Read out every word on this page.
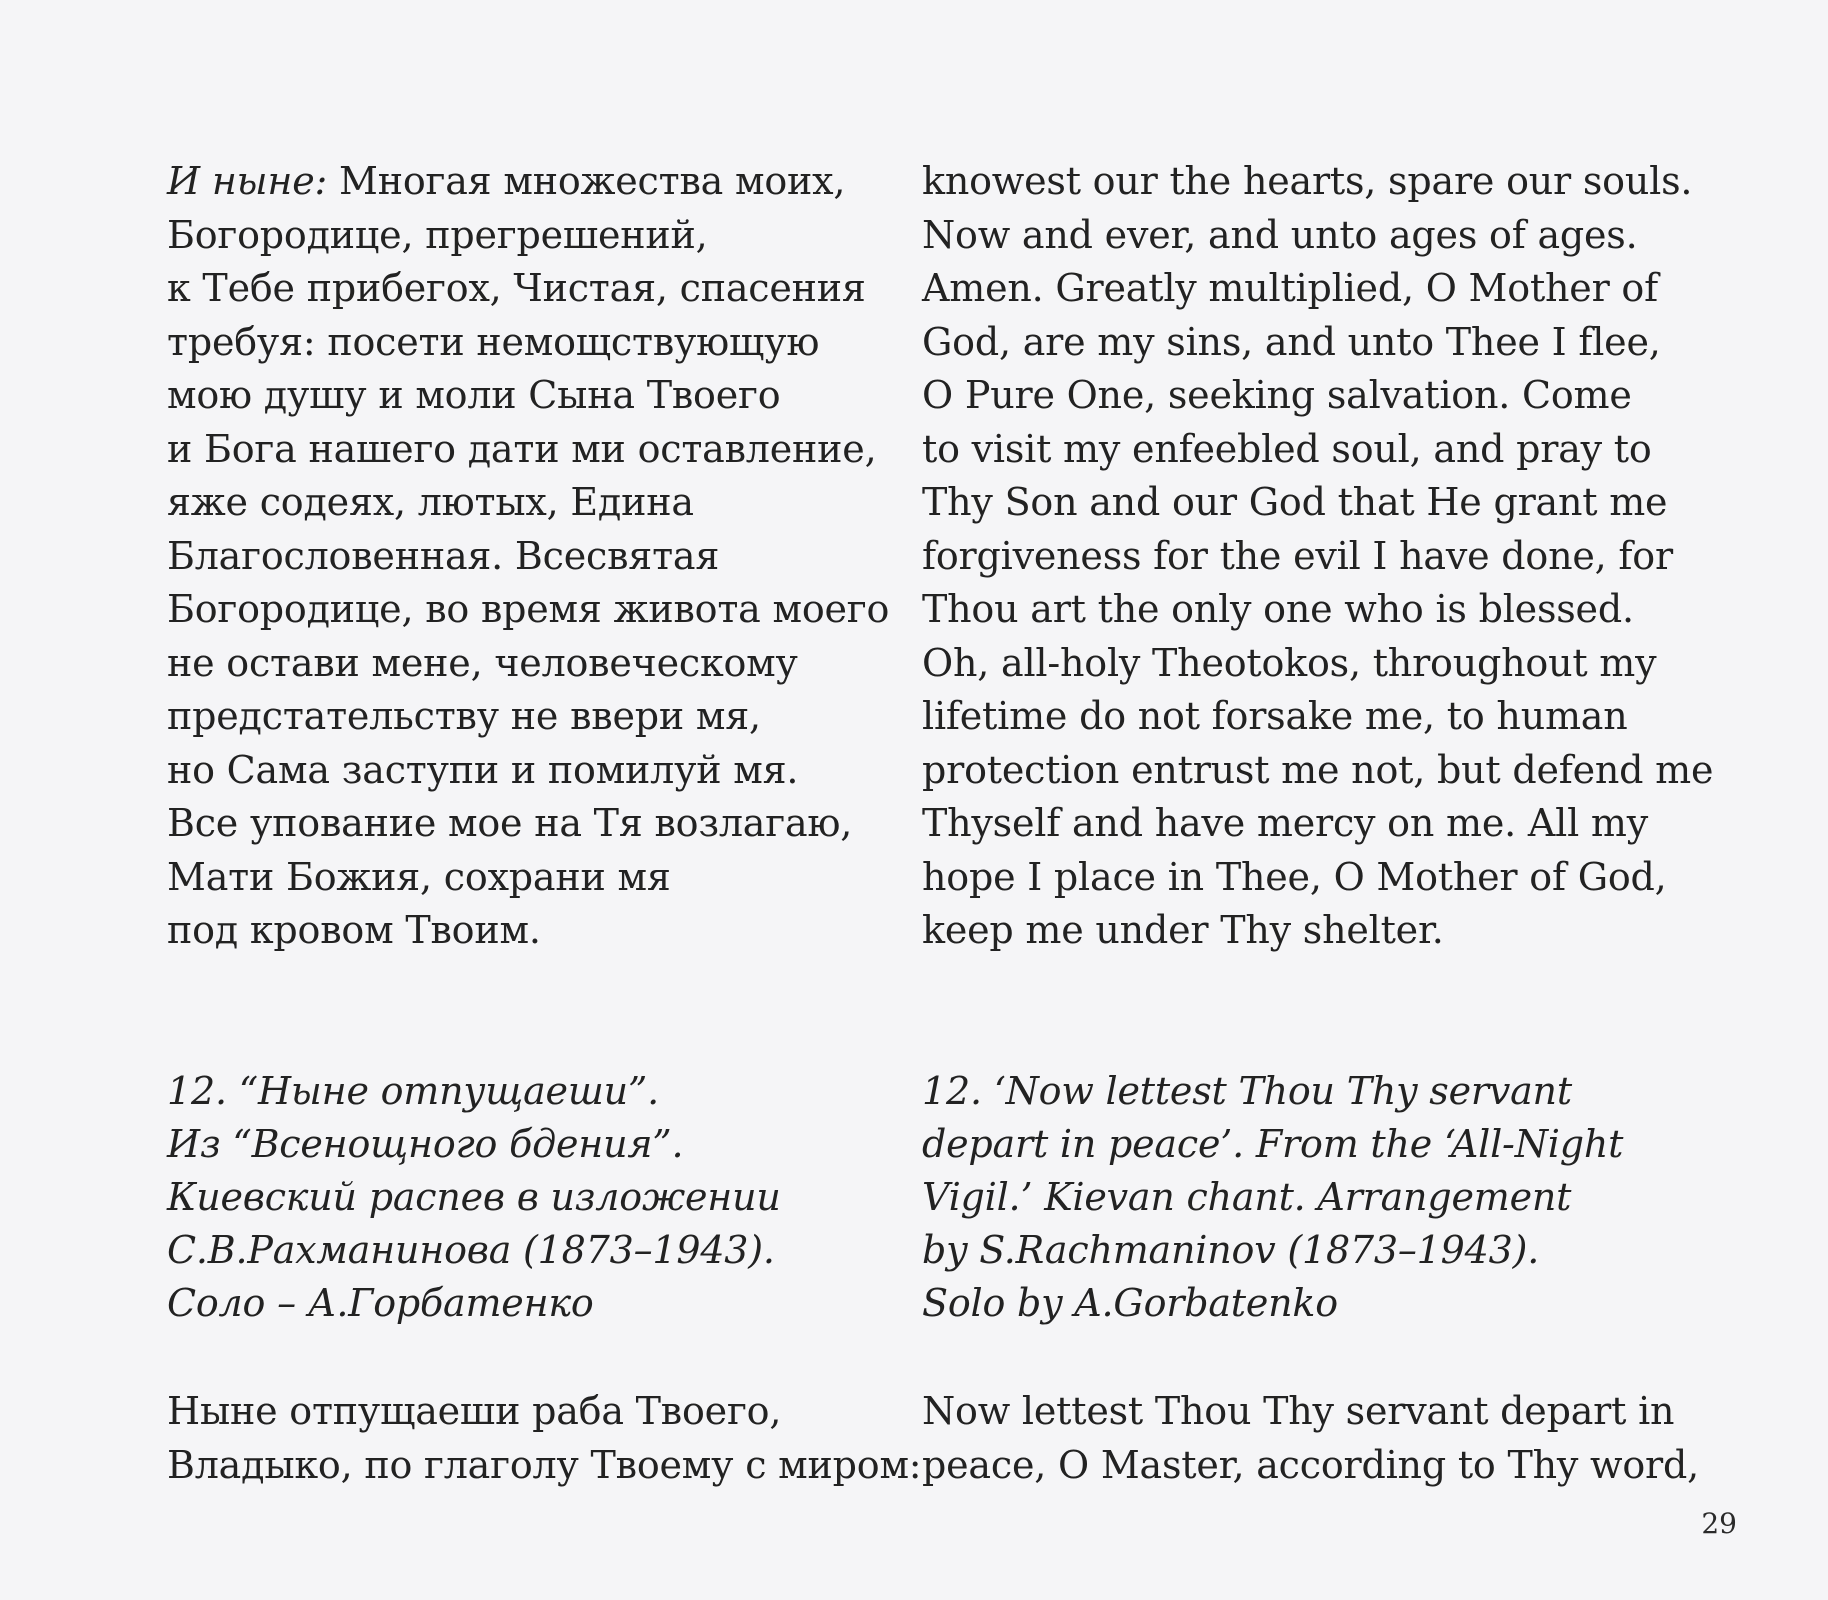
И ныне: Многая множества моих,
Богородице, прегрешений,
к Тебе прибегох, Чистая, спасения
требуя: посети немощствующую
мою душу и моли Сына Твоего
и Бога нашего дати ми оставление,
яже содеях, лютых, Едина
Благословенная. Всесвятая
Богородице, во время живота моего
не остави мене, человеческому
предстательству не ввери мя,
но Сама заступи и помилуй мя.
Все упование мое на Тя возлагаю,
Мати Божия, сохрани мя
под кровом Твоим.
12. “Ныне отпущаеши”.
Из “Всенощного бдения”.
Киевский распев в изложении
С.В.Рахманинова (1873–1943).
Соло – А.Горбатенко
Ныне отпущаеши раба Твоего,
Владыко, по глаголу Твоему с миром:
knowest our the hearts, spare our souls.
Now and ever, and unto ages of ages.
Amen. Greatly multiplied, O Mother of
God, are my sins, and unto Thee I flee,
O Pure One, seeking salvation. Come
to visit my enfeebled soul, and pray to
Thy Son and our God that He grant me
forgiveness for the evil I have done, for
Thou art the only one who is blessed.
Oh, all-holy Theotokos, throughout my
lifetime do not forsake me, to human
protection entrust me not, but defend me
Thyself and have mercy on me. All my
hope I place in Thee, O Mother of God,
keep me under Thy shelter.
12. ‘Now lettest Thou Thy servant
depart in peace’. From the ‘All-Night
Vigil.’ Kievan chant. Arrangement
by S.Rachmaninov (1873–1943).
Solo by A.Gorbatenko
Now lettest Thou Thy servant depart in
peace, O Master, according to Thy word,
29
